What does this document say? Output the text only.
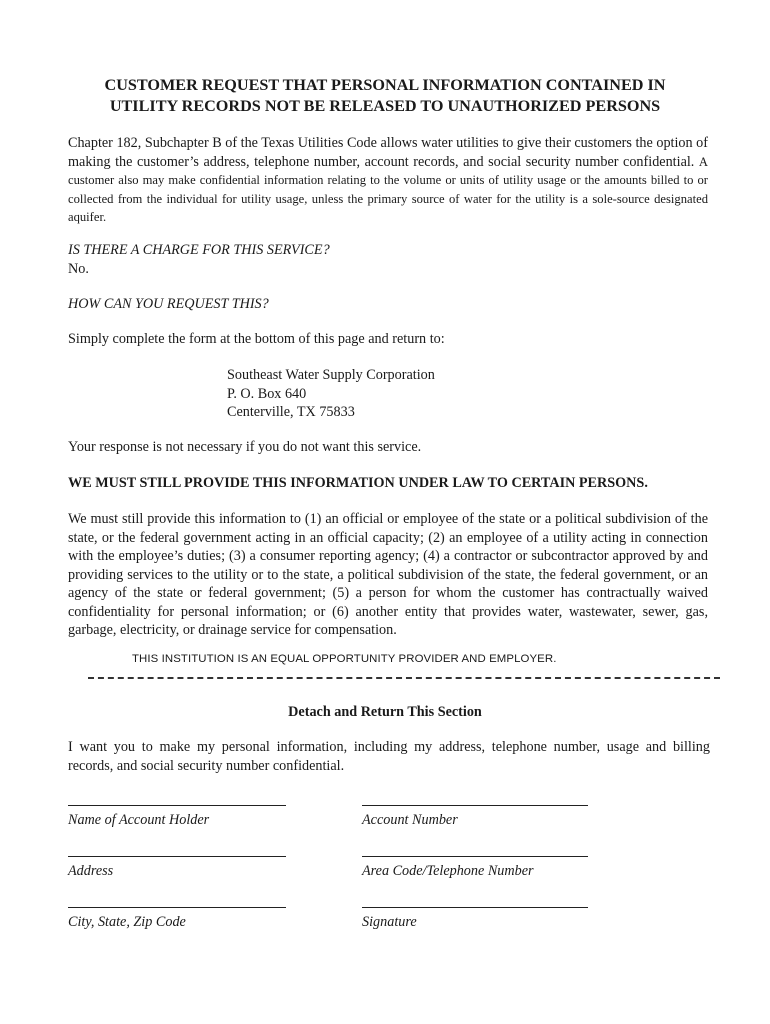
CUSTOMER REQUEST THAT PERSONAL INFORMATION CONTAINED IN
UTILITY RECORDS NOT BE RELEASED TO UNAUTHORIZED PERSONS

Chapter 182, Subchapter B of the Texas Utilities Code allows water utilities to give their customers the option of making the customer’s address, telephone number, account records, and social security number confidential. A customer also may make confidential information relating to the volume or units of utility usage or the amounts billed to or collected from the individual for utility usage, unless the primary source of water for the utility is a sole-source designated aquifer.

IS THERE A CHARGE FOR THIS SERVICE?

No.

HOW CAN YOU REQUEST THIS?

Simply complete the form at the bottom of this page and return to:

Southeast Water Supply Corporation
P. O. Box 640
Centerville, TX 75833

Your response is not necessary if you do not want this service.

WE MUST STILL PROVIDE THIS INFORMATION UNDER LAW TO CERTAIN PERSONS.

We must still provide this information to (1) an official or employee of the state or a political subdivision of the state, or the federal government acting in an official capacity; (2) an employee of a utility acting in connection with the employee’s duties; (3) a consumer reporting agency; (4) a contractor or subcontractor approved by and providing services to the utility or to the state, a political subdivision of the state, the federal government, or an agency of the state or federal government; (5) a person for whom the customer has contractually waived confidentiality for personal information; or (6) another entity that provides water, wastewater, sewer, gas, garbage, electricity, or drainage service for compensation.

THIS INSTITUTION IS AN EQUAL OPPORTUNITY PROVIDER AND EMPLOYER.

Detach and Return This Section

I want you to make my personal information, including my address, telephone number, usage and billing records, and social security number confidential.

Name of Account Holder	Account Number
Address	Area Code/Telephone Number
City, State, Zip Code	Signature
